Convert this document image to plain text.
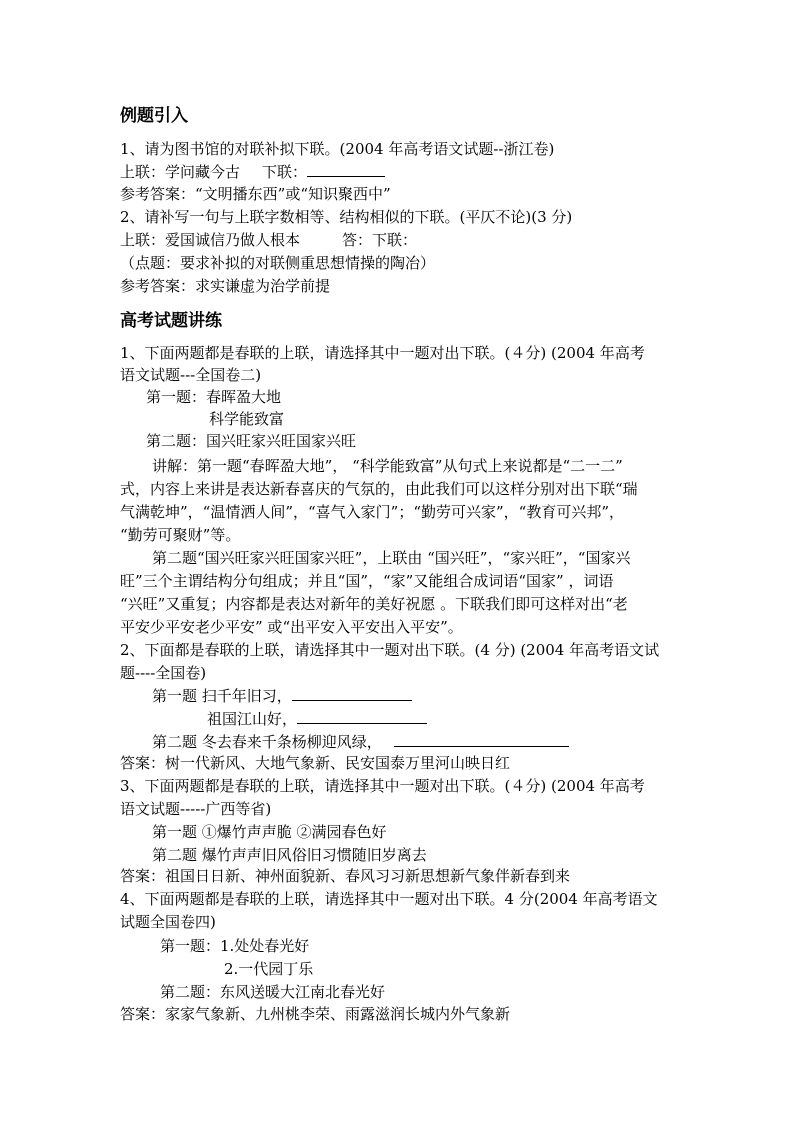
例题引入
1、请为图书馆的对联补拟下联。(2004 年高考语文试题--浙江卷)
上联：学问藏今古 下联：
参考答案：“文明播东西”或“知识聚西中”
2、请补写一句与上联字数相等、结构相似的下联。(平仄不论)(3 分)
上联：爱国诚信乃做人根本	答：下联：
（点题：要求补拟的对联侧重思想情操的陶冶）
参考答案：求实谦虚为治学前提
高考试题讲练
1、下面两题都是春联的上联，请选择其中一题对出下联。(４分) (2004 年高考
语文试题---全国卷二)
第一题：春晖盈大地
科学能致富
第二题：国兴旺家兴旺国家兴旺
讲解：第一题“春晖盈大地”， “科学能致富”从句式上来说都是“二一二”
式，内容上来讲是表达新春喜庆的气氛的，由此我们可以这样分别对出下联“瑞
气满乾坤”，“温情洒人间”，“喜气入家门”；“勤劳可兴家”，“教育可兴邦”，
“勤劳可聚财”等。
第二题“国兴旺家兴旺国家兴旺”，上联由 “国兴旺”，“家兴旺”，“国家兴
旺”三个主谓结构分句组成；并且“国”，“家”又能组合成词语“国家” ，词语
“兴旺”又重复；内容都是表达对新年的美好祝愿 。下联我们即可这样对出“老
平安少平安老少平安” 或“出平安入平安出入平安”。
2、下面都是春联的上联，请选择其中一题对出下联。(4 分) (2004 年高考语文试
题----全国卷)
第一题 扫千年旧习，
祖国江山好，
第二题 冬去春来千条杨柳迎风绿，
答案：树一代新风、大地气象新、民安国泰万里河山映日红
3、下面两题都是春联的上联，请选择其中一题对出下联。(４分) (2004 年高考
语文试题-----广西等省)
第一题 ①爆竹声声脆 ②满园春色好
第二题 爆竹声声旧风俗旧习惯随旧岁离去
答案：祖国日日新、神州面貌新、春风习习新思想新气象伴新春到来
4、下面两题都是春联的上联，请选择其中一题对出下联。4 分(2004 年高考语文
试题全国卷四)
第一题：1.处处春光好
2.一代园丁乐
第二题：东风送暖大江南北春光好
答案：家家气象新、九州桃李荣、雨露滋润长城内外气象新
